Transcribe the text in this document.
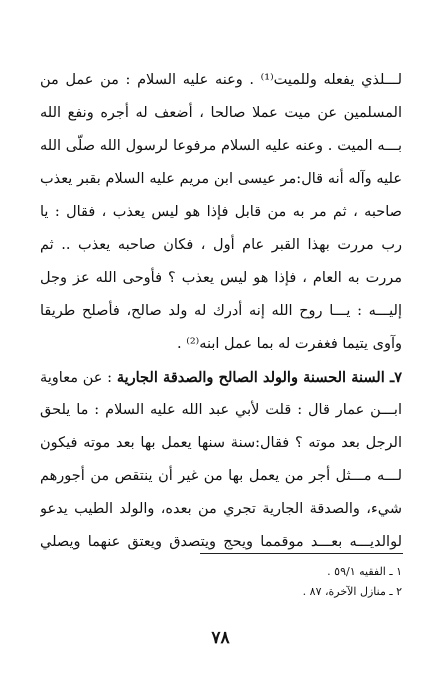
لـــلذي يفعله وللميت⁽¹⁾ . وعنه عليه السلام : من عمل من
المسلمين عن ميت عملا صالحا ، أضعف له أجره ونفع الله
بـــه الميت . وعنه عليه السلام مرفوعا لرسول الله صلّى الله
عليه وآله أنه قال:مر عيسى ابن مريم عليه السلام بقبر يعذب
صاحبه ، ثم مر به من قابل فإذا هو ليس يعذب ، فقال : يا
رب مررت بهذا القبر عام أول ، فكان صاحبه يعذب .. ثم
مررت به العام ، فإذا هو ليس يعذب ؟ فأوحى الله عز وجل
إليـــه : يـــا روح الله إنه أدرك له ولد صالح، فأصلح طريقا
وآوى يتيما فغفرت له بما عمل ابنه⁽²⁾ .
٧ـ السنة الحسنة والولد الصالح والصدقة الجارية : عن معاوية
ابـــن عمار قال : قلت لأبي عبد الله عليه السلام : ما يلحق
الرجل بعد موته ؟ فقال:سنة سنها يعمل بها بعد موته فيكون
لـــه مـــثل أجر من يعمل بها من غير أن ينتقص من أجورهم
شيء، والصدقة الجارية تجري من بعده، والولد الطيب يدعو
لوالديـــه بعـــد موقمما ويحج ويتصدق ويعتق عنهما ويصلي
١ ـ الفقيه ٥٩/١ .
٢ ـ منازل الآخرة، ٨٧ .
٧٨
